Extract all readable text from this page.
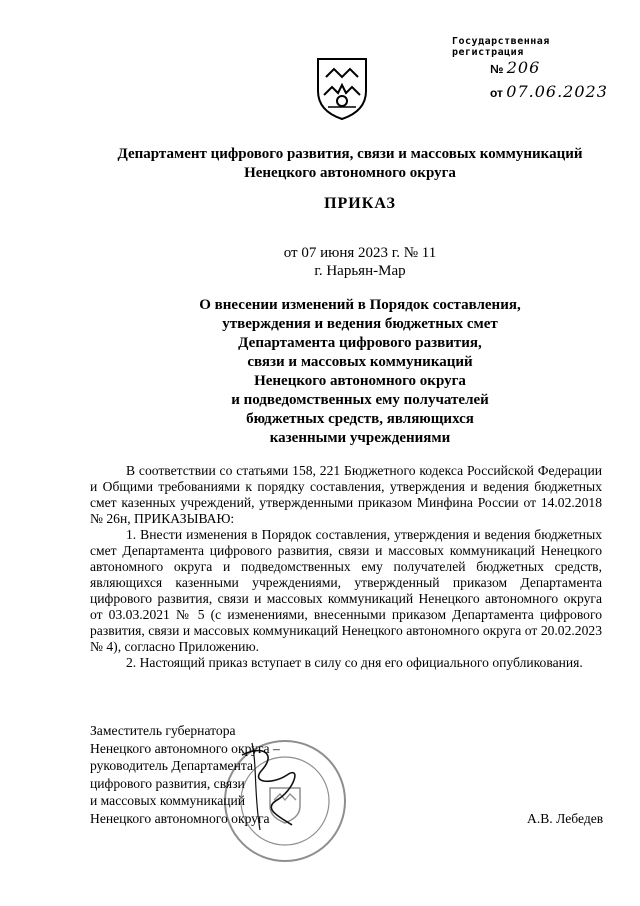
Государственная регистрация
№ 206
от 07.06.2023
Департамент цифрового развития, связи и массовых коммуникаций
Ненецкого автономного округа
ПРИКАЗ
от 07 июня 2023 г. № 11
г. Нарьян-Мар
О внесении изменений в Порядок составления,
утверждения и ведения бюджетных смет
Департамента цифрового развития,
связи и массовых коммуникаций
Ненецкого автономного округа
и подведомственных ему получателей
бюджетных средств, являющихся
казенными учреждениями

В соответствии со статьями 158, 221 Бюджетного кодекса Российской Федерации и Общими требованиями к порядку составления, утверждения и ведения бюджетных смет казенных учреждений, утвержденными приказом Минфина России от 14.02.2018 № 26н, ПРИКАЗЫВАЮ:

1. Внести изменения в Порядок составления, утверждения и ведения бюджетных смет Департамента цифрового развития, связи и массовых коммуникаций Ненецкого автономного округа и подведомственных ему получателей бюджетных средств, являющихся казенными учреждениями, утвержденный приказом Департамента цифрового развития, связи и массовых коммуникаций Ненецкого автономного округа от 03.03.2021 № 5 (с изменениями, внесенными приказом Департамента цифрового развития, связи и массовых коммуникаций Ненецкого автономного округа от 20.02.2023 № 4), согласно Приложению.

2. Настоящий приказ вступает в силу со дня его официального опубликования.

Заместитель губернатора
Ненецкого автономного округа –
руководитель Департамента
цифрового развития, связи
и массовых коммуникаций
Ненецкого автономного округа	А.В. Лебедев
